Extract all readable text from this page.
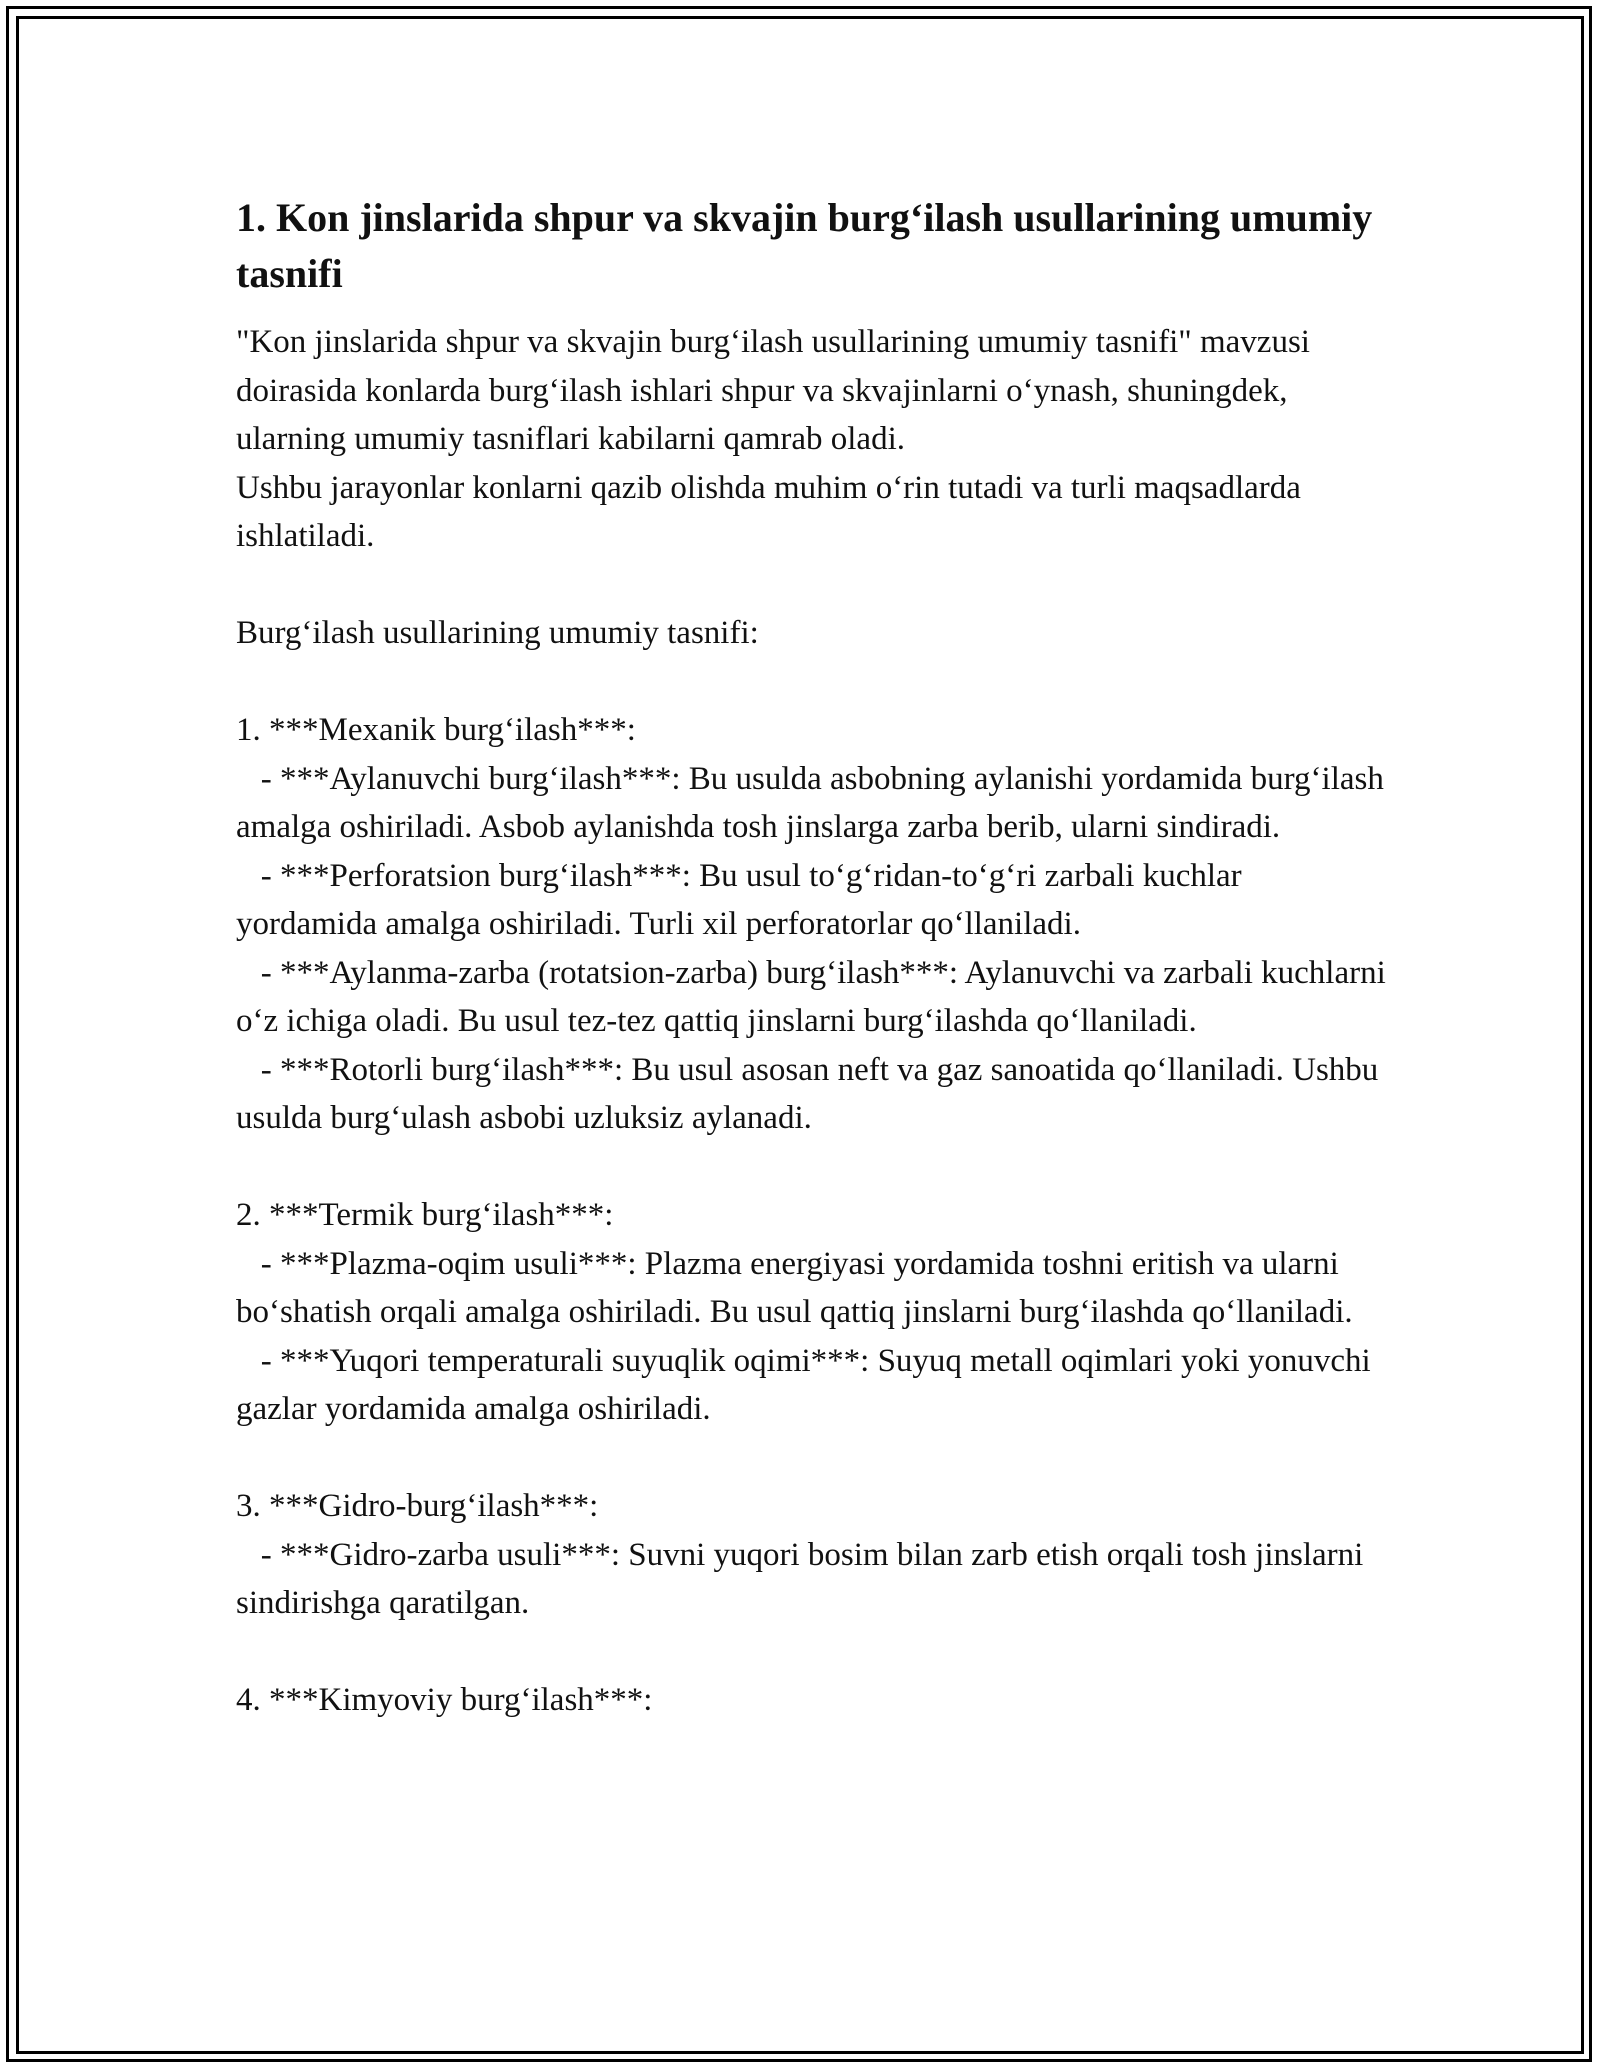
1. Kon jinslarida shpur va skvajin burg‘ilash usullarining umumiy tasnifi

"Kon jinslarida shpur va skvajin burg‘ilash usullarining umumiy tasnifi" mavzusi doirasida konlarda burg‘ilash ishlari shpur va skvajinlarni o‘ynash, shuningdek, ularning umumiy tasniflari kabilarni qamrab oladi.

Ushbu jarayonlar konlarni qazib olishda muhim o‘rin tutadi va turli maqsadlarda ishlatiladi.

Burg‘ilash usullarining umumiy tasnifi:

1. ***Mexanik burg‘ilash***:

- ***Aylanuvchi burg‘ilash***: Bu usulda asbobning aylanishi yordamida burg‘ilash amalga oshiriladi. Asbob aylanishda tosh jinslarga zarba berib, ularni sindiradi.

- ***Perforatsion burg‘ilash***: Bu usul to‘g‘ridan-to‘g‘ri zarbali kuchlar yordamida amalga oshiriladi. Turli xil perforatorlar qo‘llaniladi.

- ***Aylanma-zarba (rotatsion-zarba) burg‘ilash***: Aylanuvchi va zarbali kuchlarni o‘z ichiga oladi. Bu usul tez-tez qattiq jinslarni burg‘ilashda qo‘llaniladi.

- ***Rotorli burg‘ilash***: Bu usul asosan neft va gaz sanoatida qo‘llaniladi. Ushbu usulda burg‘ulash asbobi uzluksiz aylanadi.

2. ***Termik burg‘ilash***:

- ***Plazma-oqim usuli***: Plazma energiyasi yordamida toshni eritish va ularni bo‘shatish orqali amalga oshiriladi. Bu usul qattiq jinslarni burg‘ilashda qo‘llaniladi.

- ***Yuqori temperaturali suyuqlik oqimi***: Suyuq metall oqimlari yoki yonuvchi gazlar yordamida amalga oshiriladi.

3. ***Gidro-burg‘ilash***:

- ***Gidro-zarba usuli***: Suvni yuqori bosim bilan zarb etish orqali tosh jinslarni sindirishga qaratilgan.

4. ***Kimyoviy burg‘ilash***:
